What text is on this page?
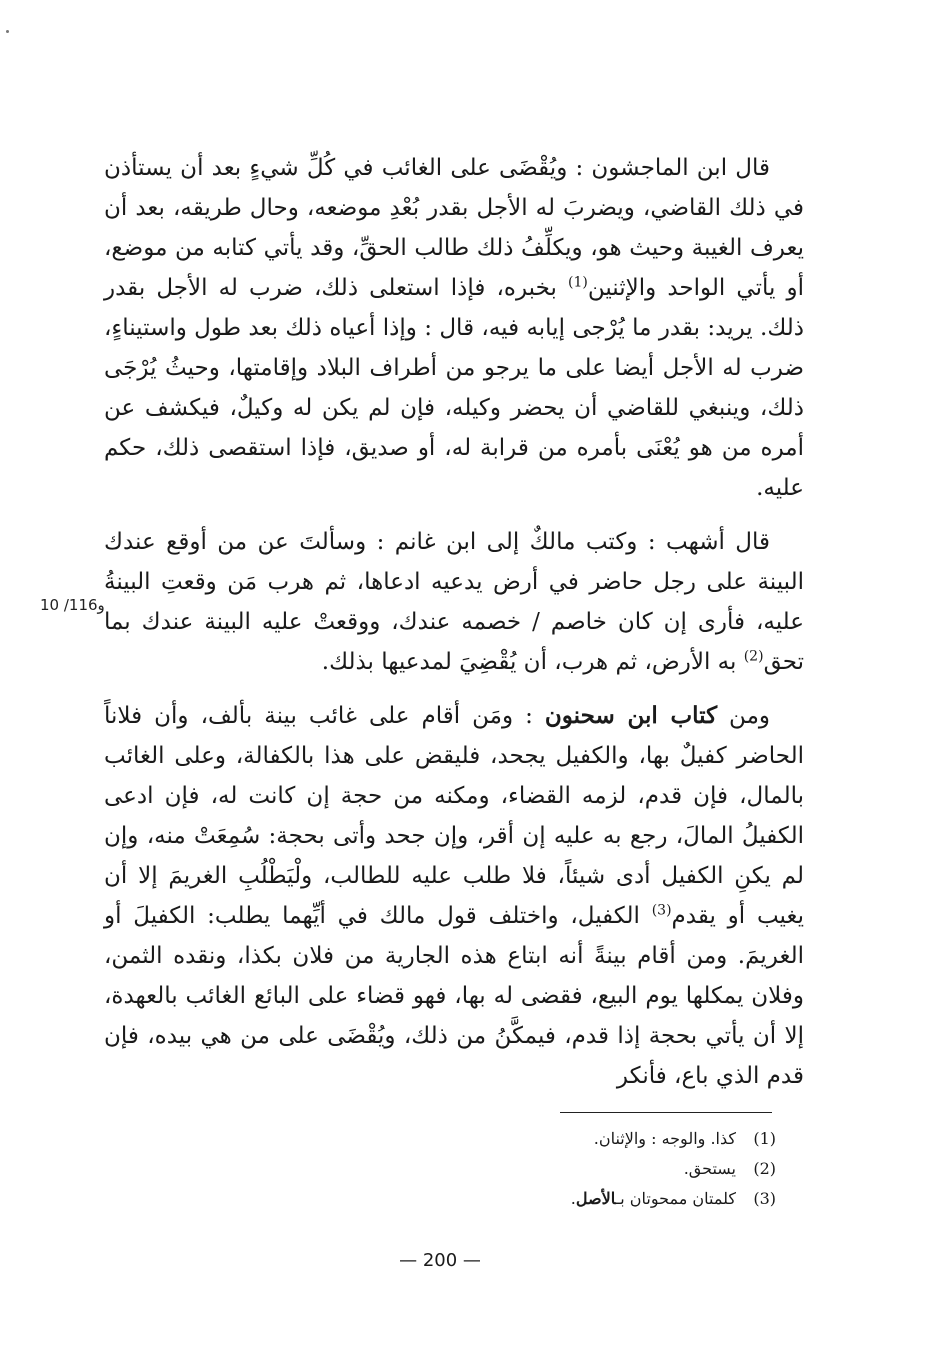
قال ابن الماجشون : ويُقْضَى على الغائب في كُلِّ شيءٍ بعد أن يستأذن في ذلك القاضي، ويضربَ له الأجل بقدر بُعْدِ موضعه، وحال طريقه، بعد أن يعرف الغيبة وحيث هو، ويكلِّفُ ذلك طالب الحقِّ، وقد يأتي كتابه من موضع، أو يأتي الواحد والإثنين$^{(1)}$ بخبره، فإذا استعلى ذلك، ضرب له الأجل بقدر ذلك. يريد: بقدر ما يُرْجى إيابه فيه، قال : وإذا أعياه ذلك بعد طول واستيناءٍ، ضرب له الأجل أيضا على ما يرجو من أطراف البلاد وإقامتها، وحيثُ يُرْجَى ذلك، وينبغي للقاضي أن يحضر وكيله، فإن لم يكن له وكيلٌ، فيكشف عن أمره من هو يُعْنَى بأمره من قرابة له، أو صديق، فإذا استقصى ذلك، حكم عليه.

قال أشهب : وكتب مالكٌ إلى ابن غانم : وسألتَ عن من أوقع عندك البينة على رجل حاضر في أرض يدعيه ادعاها، ثم هرب مَن وقعتِ البينةُ عليه، فأرى إن كان خاصم / خصمه عندك، ووقعتْ عليه البينة عندك بما تحق$^{(2)}$ به الأرض، ثم هرب، أن يُقْضِيَ لمدعيها بذلك.

ومن كتاب ابن سحنون : ومَن أقام على غائب بينة بألف، وأن فلاناً الحاضر كفيلٌ بها، والكفيل يجحد، فليقض على هذا بالكفالة، وعلى الغائب بالمال، فإن قدم، لزمه القضاء، ومكنه من حجة إن كانت له، فإن ادعى الكفيلُ المالَ، رجع به عليه إن أقر، وإن جحد وأتى بحجة: سُمِعَتْ منه، وإن لم يكنِ الكفيل أدى شيئاً، فلا طلب عليه للطالب، ولْيَطْلُبِ الغريمَ إلا أن يغيب أو يقدم$^{(3)}$ الكفيل، واختلف قول مالك في أيِّهما يطلب: الكفيلَ أو الغريمَ. ومن أقام بينةً أنه ابتاع هذه الجارية من فلان بكذا، ونقده الثمن، وفلان يمكلها يوم البيع، فقضى له بها، فهو قضاء على البائع الغائب بالعهدة، إلا أن يأتي بحجة إذا قدم، فيمكَّنُ من ذلك، ويُقْضَى على من هي بيده، فإن قدم الذي باع، فأنكر

10 /116و
(1)كذا. والوجه : والإثنان.
(2)يستحق.
(3)كلمتان ممحوتان بـالأصل.
— 200 —
